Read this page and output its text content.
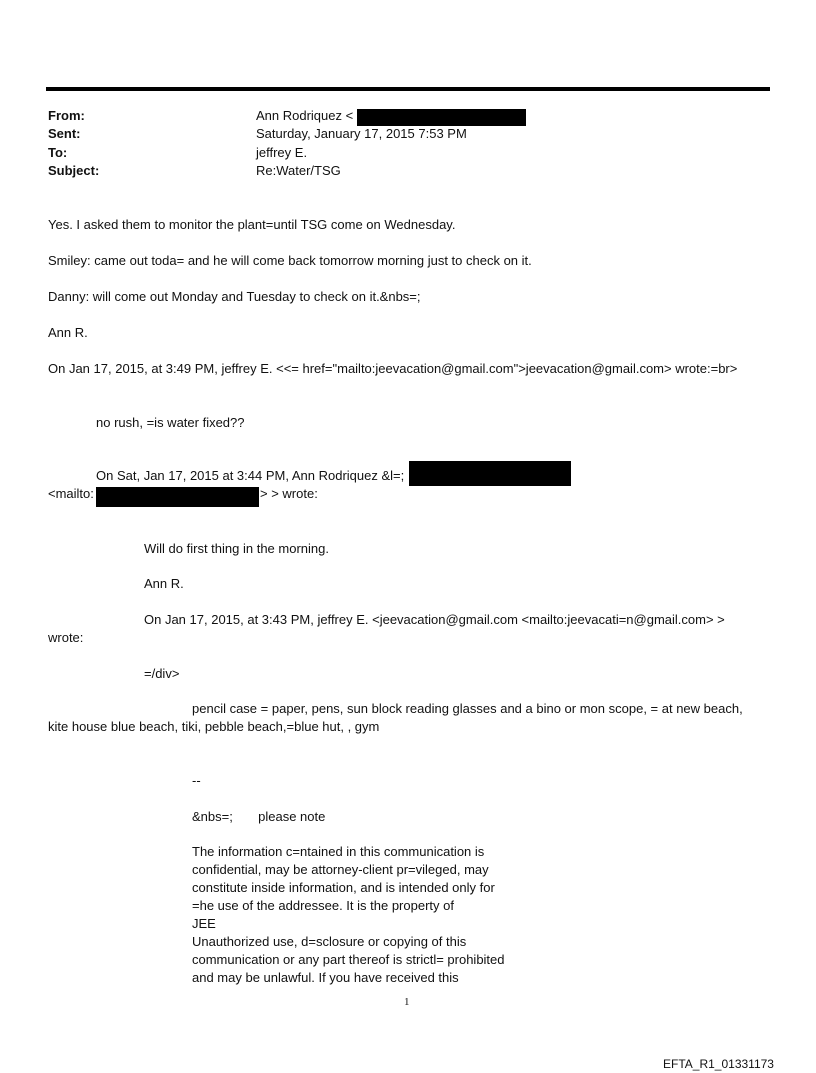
From:	Ann Rodriquez <
Sent:	Saturday, January 17, 2015 7:53 PM
To:	jeffrey E.
Subject:	Re:Water/TSG
Yes. I asked them to monitor the plant=until TSG come on Wednesday.
Smiley: came out toda= and he will come back tomorrow morning just to check on it.
Danny: will come out Monday and Tuesday to check on it.&nbs=;
Ann R.
On Jan 17, 2015, at 3:49 PM, jeffrey E. <<= href="mailto:jeevacation@gmail.com">jeevacation@gmail.com> wrote:=br>
no rush, =is water fixed??
On Sat, Jan 17, 2015 at 3:44 PM, Ann Rodriquez &l=;
<mailto:	> > wrote:
Will do first thing in the morning.
Ann R.
On Jan 17, 2015, at 3:43 PM, jeffrey E. <jeevacation@gmail.com <mailto:jeevacati=n@gmail.com> >
wrote:
=/div>
pencil case = paper, pens, sun block reading glasses and a bino or mon scope, = at new beach,
kite house blue beach, tiki, pebble beach,=blue hut, , gym
--
&nbs=;       please note
The information c=ntained in this communication is
confidential, may be attorney-client pr=vileged, may
constitute inside information, and is intended only for
=he use of the addressee. It is the property of
JEE
Unauthorized use, d=sclosure or copying of this
communication or any part thereof is strictl= prohibited
and may be unlawful. If you have received this
1
EFTA_R1_01331173
